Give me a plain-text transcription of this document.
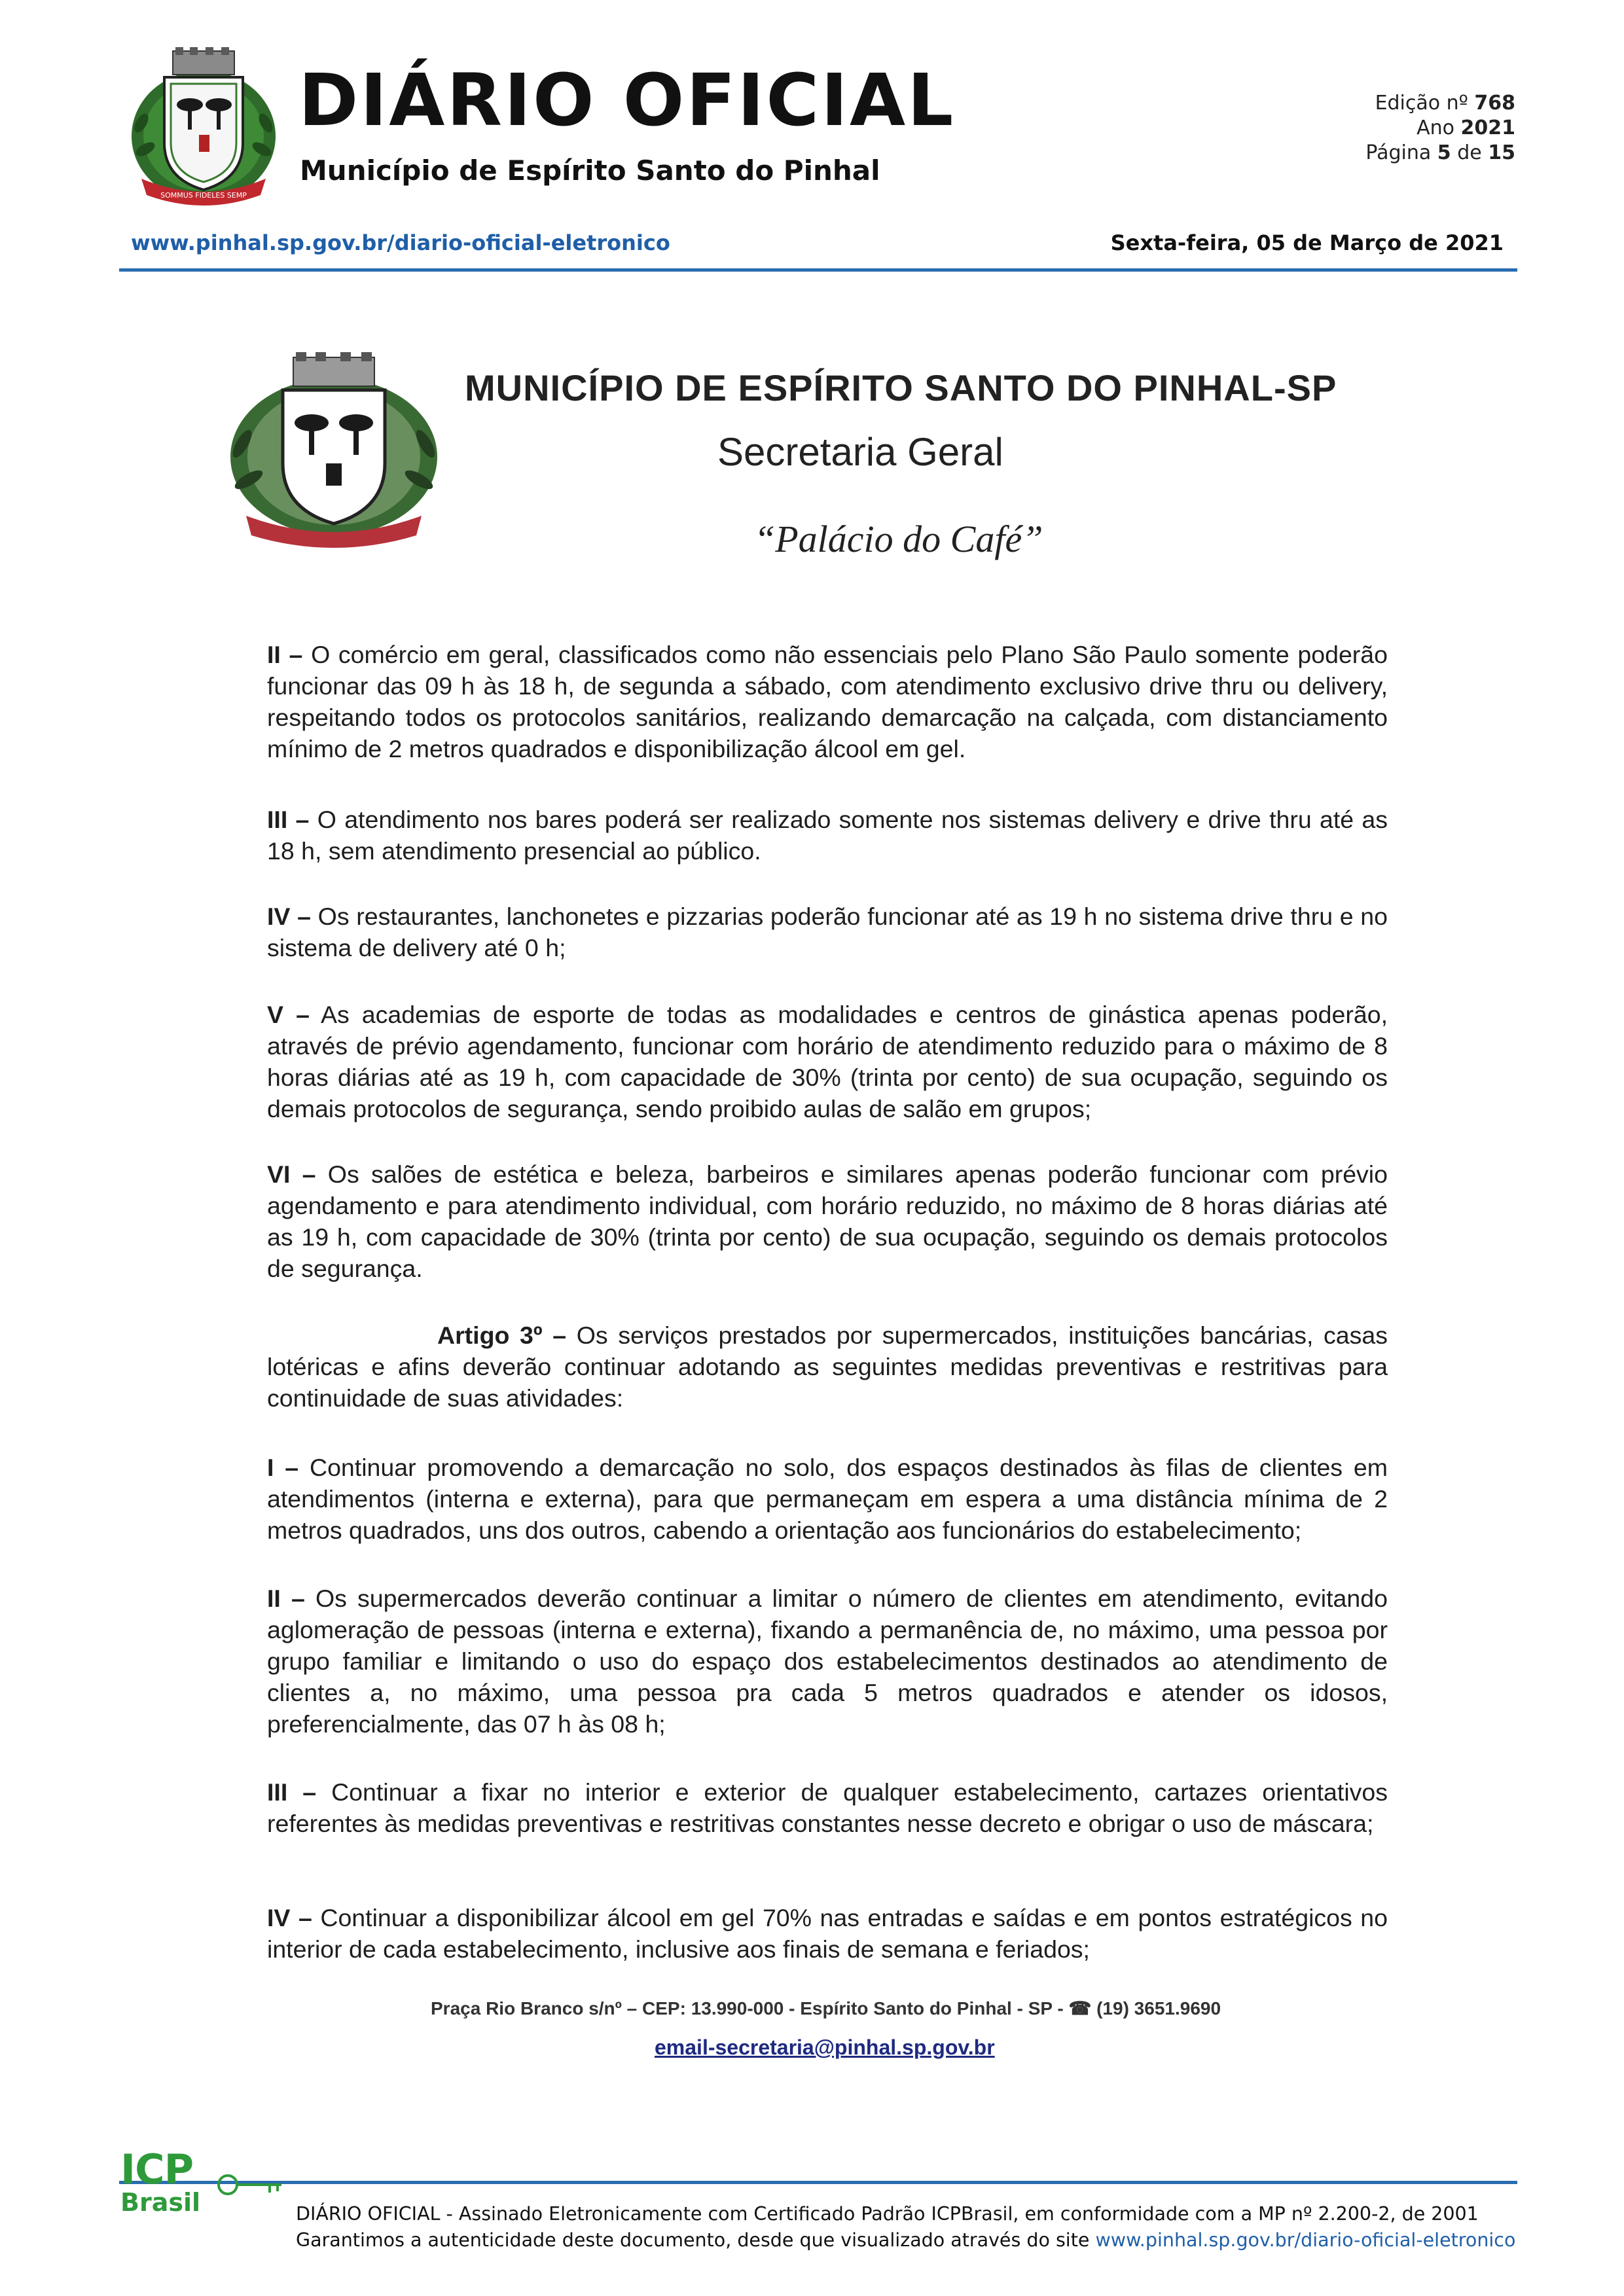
SOMMUS FIDELES SEMP
DIÁRIO OFICIAL
Município de Espírito Santo do Pinhal
Edição nº 768
Ano 2021
Página 5 de 15
www.pinhal.sp.gov.br/diario-oficial-eletronico	Sexta-feira, 05 de Março de 2021
MUNICÍPIO DE ESPÍRITO SANTO DO PINHAL-SP
Secretaria Geral
“Palácio do Café”
II – O comércio em geral, classificados como não essenciais pelo Plano São Paulo somente poderão funcionar das 09 h às 18 h, de segunda a sábado, com atendimento exclusivo drive thru ou delivery, respeitando todos os protocolos sanitários, realizando demarcação na calçada, com distanciamento mínimo de 2 metros quadrados e disponibilização álcool em gel.
III – O atendimento nos bares poderá ser realizado somente nos sistemas delivery e drive thru até as 18 h, sem atendimento presencial ao público.
IV – Os restaurantes, lanchonetes e pizzarias poderão funcionar até as 19 h no sistema drive thru e no sistema de delivery até 0 h;
V – As academias de esporte de todas as modalidades e centros de ginástica apenas poderão, através de prévio agendamento, funcionar com horário de atendimento reduzido para o máximo de 8 horas diárias até as 19 h, com capacidade de 30% (trinta por cento) de sua ocupação, seguindo os demais protocolos de segurança, sendo proibido aulas de salão em grupos;
VI – Os salões de estética e beleza, barbeiros e similares apenas poderão funcionar com prévio agendamento e para atendimento individual, com horário reduzido, no máximo de 8 horas diárias até as 19 h, com capacidade de 30% (trinta por cento) de sua ocupação, seguindo os demais protocolos de segurança.
Artigo 3º – Os serviços prestados por supermercados, instituições bancárias, casas lotéricas e afins deverão continuar adotando as seguintes medidas preventivas e restritivas para continuidade de suas atividades:
I – Continuar promovendo a demarcação no solo, dos espaços destinados às filas de clientes em atendimentos (interna e externa), para que permaneçam em espera a uma distância mínima de 2 metros quadrados, uns dos outros, cabendo a orientação aos funcionários do estabelecimento;
II – Os supermercados deverão continuar a limitar o número de clientes em atendimento, evitando aglomeração de pessoas (interna e externa), fixando a permanência de, no máximo, uma pessoa por grupo familiar e limitando o uso do espaço dos estabelecimentos destinados ao atendimento de clientes a, no máximo, uma pessoa pra cada 5 metros quadrados e atender os idosos, preferencialmente, das 07 h às 08 h;
III – Continuar a fixar no interior e exterior de qualquer estabelecimento, cartazes orientativos referentes às medidas preventivas e restritivas constantes nesse decreto e obrigar o uso de máscara;
IV – Continuar a disponibilizar álcool em gel 70% nas entradas e saídas e em pontos estratégicos no interior de cada estabelecimento, inclusive aos finais de semana e feriados;
Praça Rio Branco s/nº – CEP: 13.990-000 - Espírito Santo do Pinhal - SP - ☎ (19) 3651.9690
email-secretaria@pinhal.sp.gov.br
ICP
Brasil	DIÁRIO OFICIAL - Assinado Eletronicamente com Certificado Padrão ICPBrasil, em conformidade com a MP nº 2.200-2, de 2001
Garantimos a autenticidade deste documento, desde que visualizado através do site www.pinhal.sp.gov.br/diario-oficial-eletronico
